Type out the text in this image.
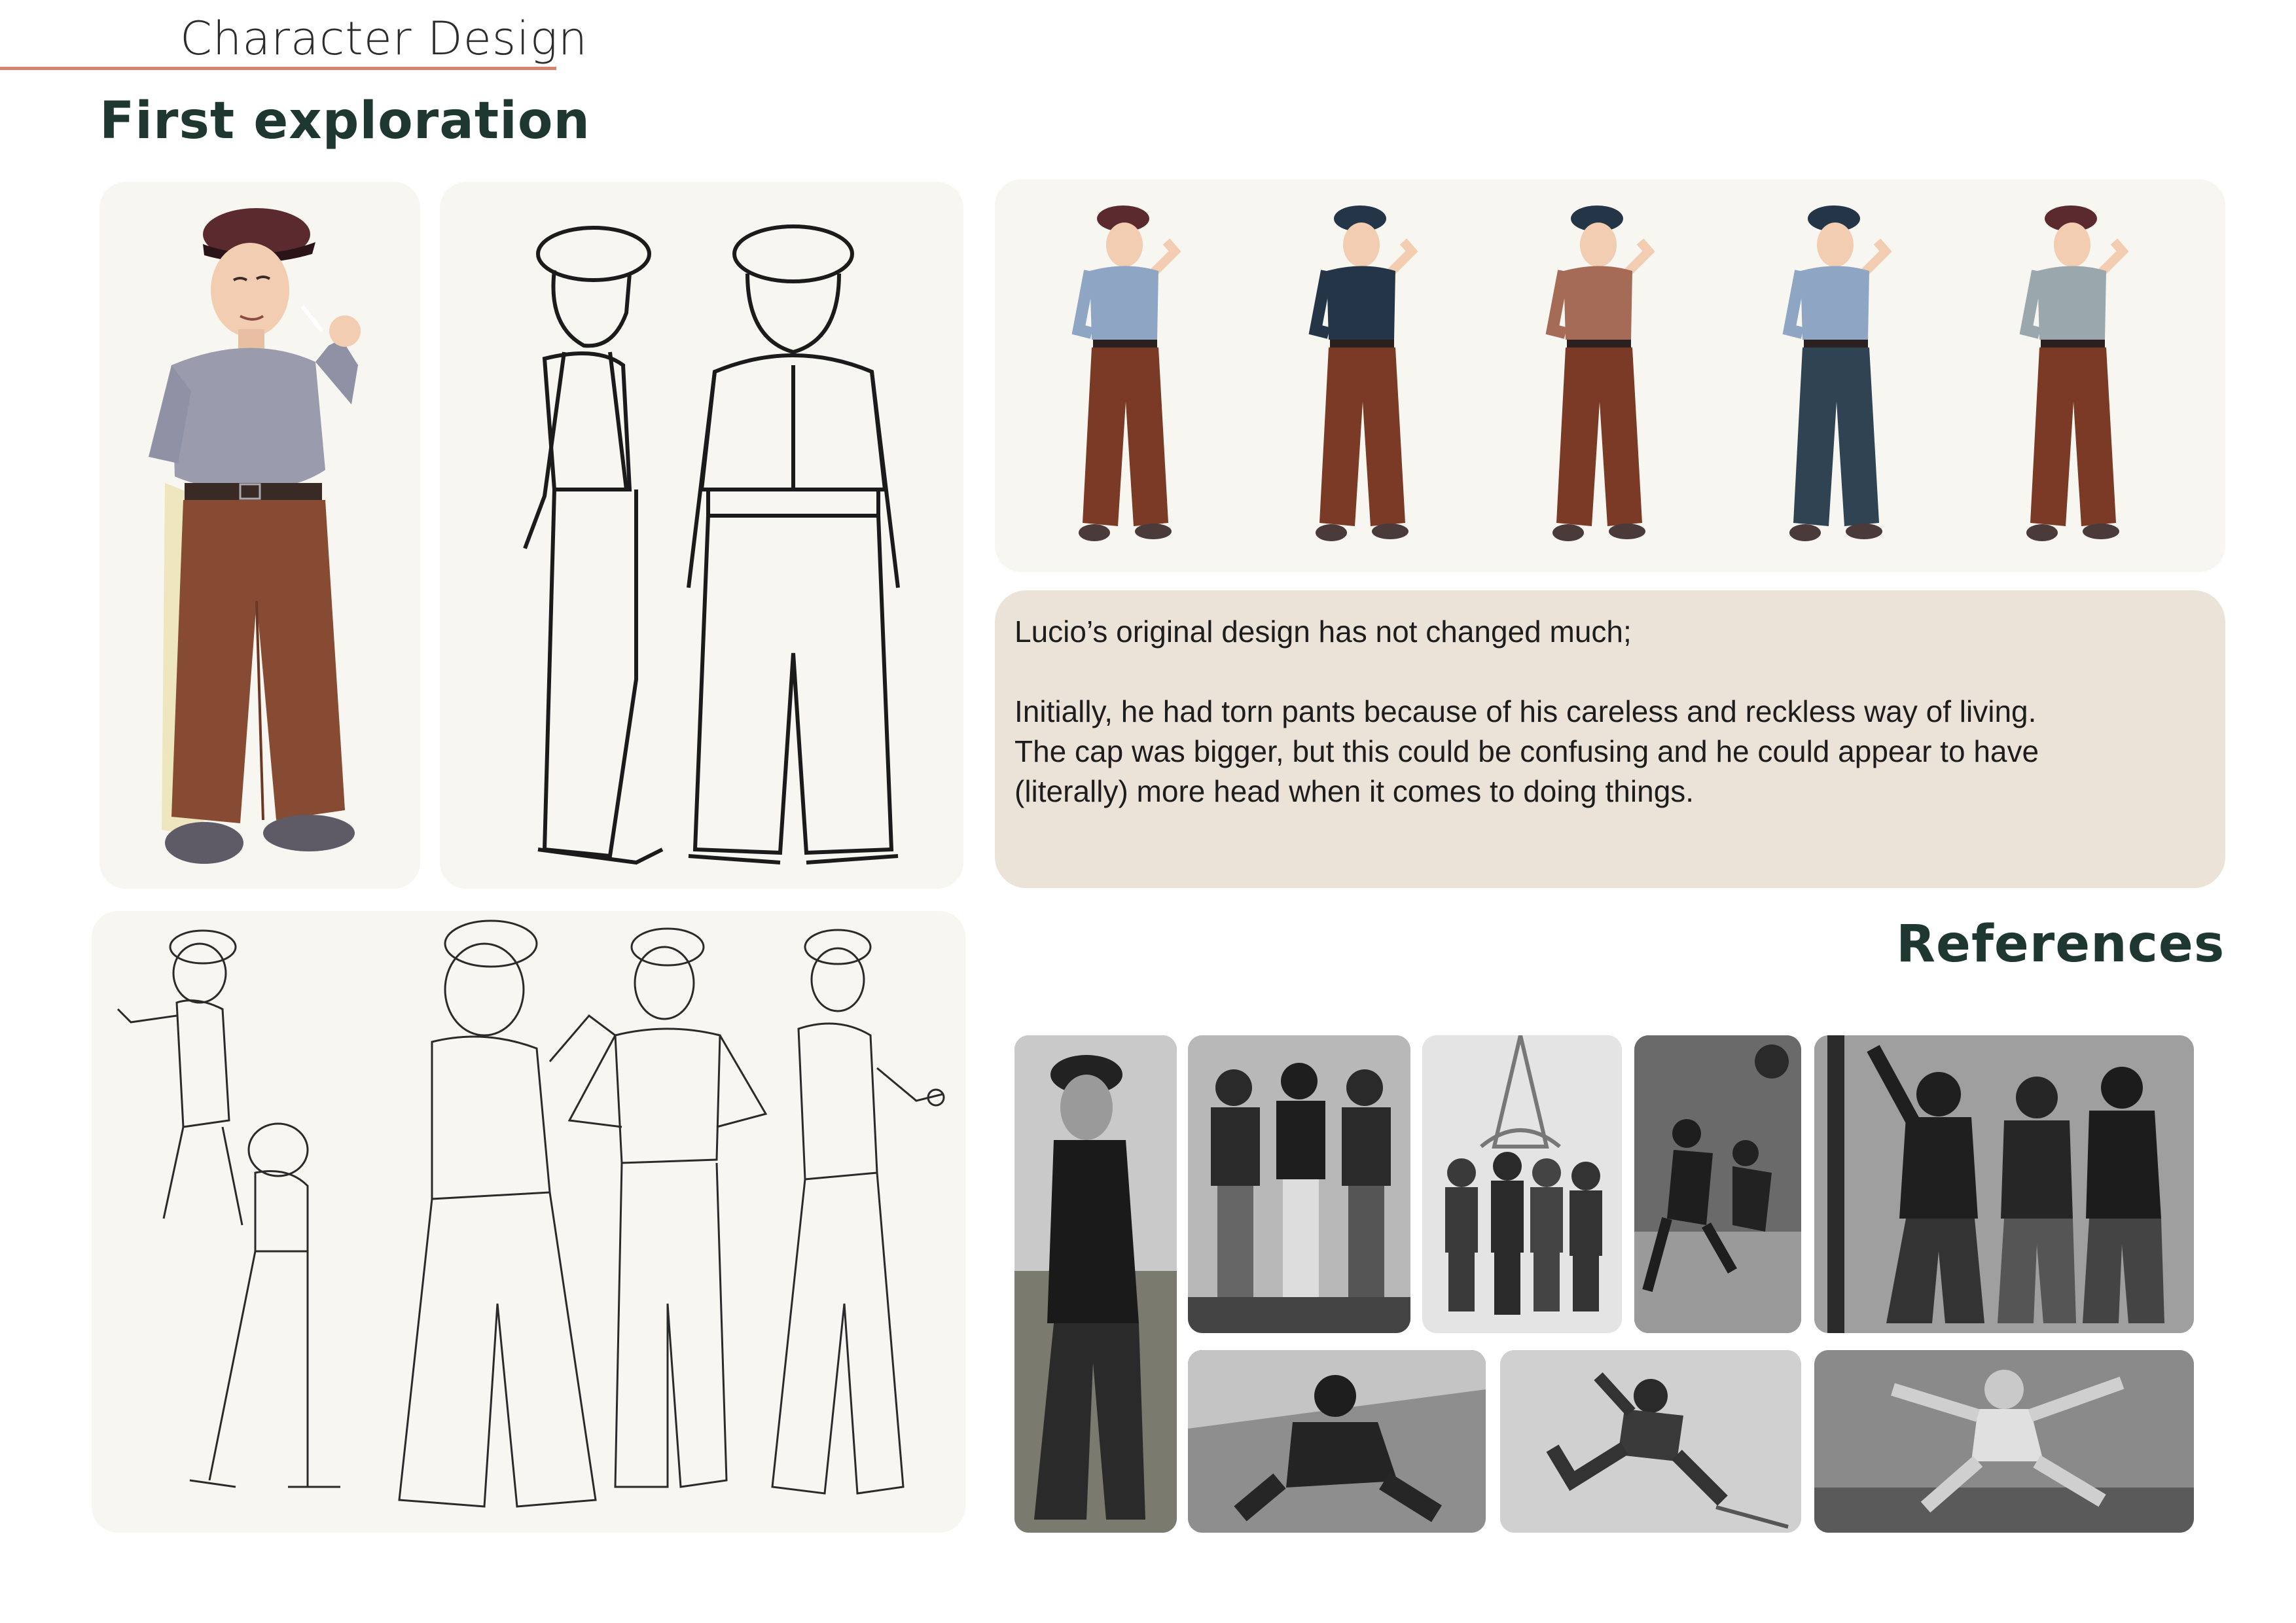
Character Design
First exploration

Lucio’s original design has not changed much;

Initially, he had torn pants because of his careless and reckless way of living.

The cap was bigger, but this could be confusing and he could appear to have

(literally) more head when it comes to doing things.

References
